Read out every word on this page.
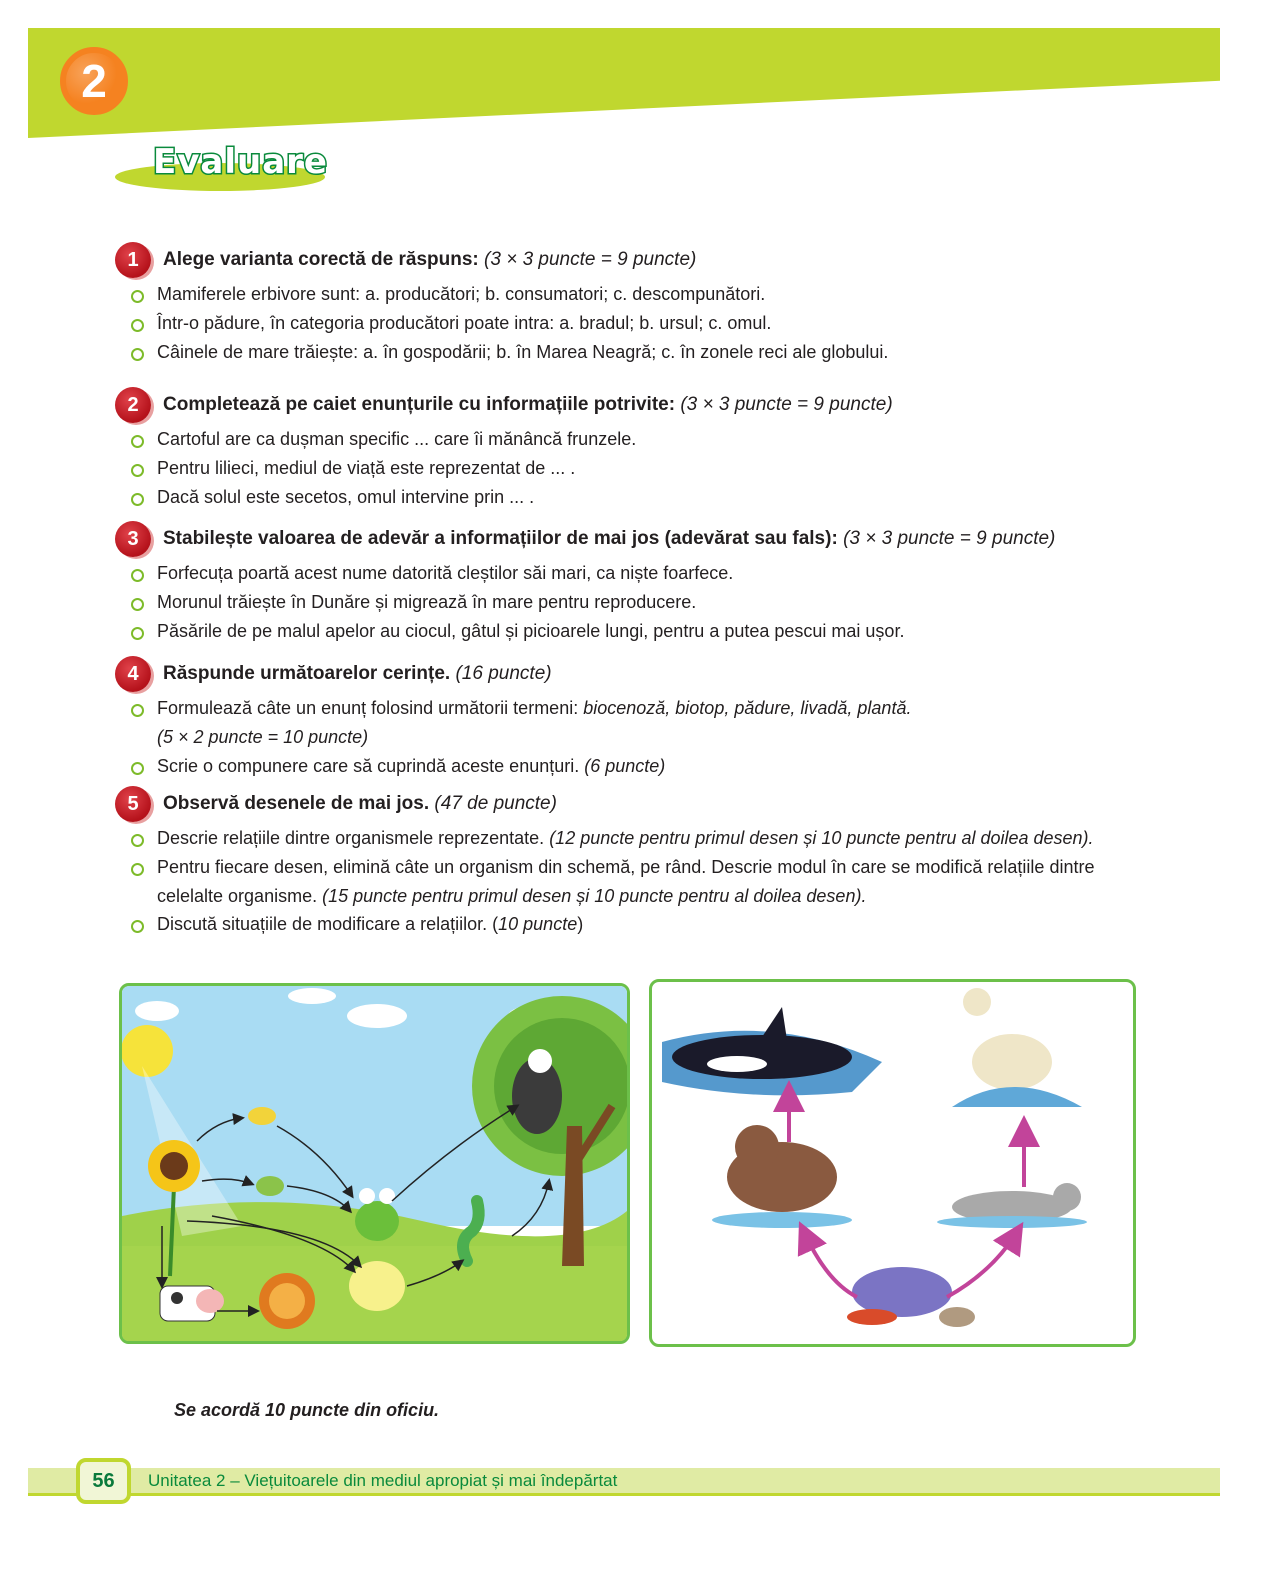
2
Evaluare
1	Alege varianta corectă de răspuns: (3 × 3 puncte = 9 puncte)
Mamiferele erbivore sunt: a. producători; b. consumatori; c. descompunători.
Într-o pădure, în categoria producători poate intra: a. bradul; b. ursul; c. omul.
Câinele de mare trăiește: a. în gospodării; b. în Marea Neagră; c. în zonele reci ale globului.
2	Completează pe caiet enunțurile cu informațiile potrivite: (3 × 3 puncte = 9 puncte)
Cartoful are ca dușman specific ... care îi mănâncă frunzele.
Pentru lilieci, mediul de viață este reprezentat de ... .
Dacă solul este secetos, omul intervine prin ... .
3	Stabilește valoarea de adevăr a informațiilor de mai jos (adevărat sau fals): (3 × 3 puncte = 9 puncte)
Forfecuța poartă acest nume datorită cleștilor săi mari, ca niște foarfece.
Morunul trăiește în Dunăre și migrează în mare pentru reproducere.
Păsările de pe malul apelor au ciocul, gâtul și picioarele lungi, pentru a putea pescui mai ușor.
4	Răspunde următoarelor cerințe. (16 puncte)
Formulează câte un enunț folosind următorii termeni: biocenoză, biotop, pădure, livadă, plantă.
(5 × 2 puncte = 10 puncte)
Scrie o compunere care să cuprindă aceste enunțuri. (6 puncte)
5	Observă desenele de mai jos. (47 de puncte)
Descrie relațiile dintre organismele reprezentate. (12 puncte pentru primul desen și 10 puncte pentru al doilea desen).
Pentru fiecare desen, elimină câte un organism din schemă, pe rând. Descrie modul în care se modifică relațiile dintre celelalte organisme. (15 puncte pentru primul desen și 10 puncte pentru al doilea desen).
Discută situațiile de modificare a relațiilor. (10 puncte)
Se acordă 10 puncte din oficiu.
56	Unitatea 2 – Viețuitoarele din mediul apropiat și mai îndepărtat
